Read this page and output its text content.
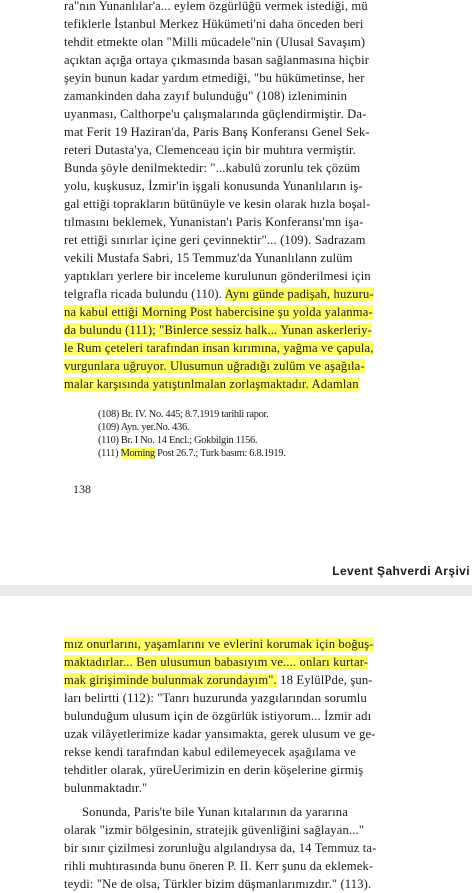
ra"nın Yunanlılar'a... eylem özgürlüğü vermek istediği, mü
tefiklerle İstanbul Merkez Hükümeti'ni daha önceden beri
tehdit etmekte olan "Milli mücadele"nin (Ulusal Savaşım)
açıktan açığa ortaya çıkmasında basan sağlanmasına hiçbir
şeyin bunun kadar yardım etmediği, "bu hükümetinse, her
zamankinden daha zayıf bulunduğu" (108) izleniminin
uyanması, Calthorpe'u çalışmalarında güçlendirmiştir. Da-
mat Ferit 19 Haziran'da, Paris Banş Konferansı Genel Sek-
reteri Dutasta'ya, Clemenceau için bir muhtıra vermiştir.
Bunda şöyle denilmektedir: "...kabulü zorunlu tek çözüm
yolu, kuşkusuz, İzmir'in işgali konusunda Yunanlıların iş-
gal ettiği toprakların bütünüyle ve kesin olarak hızla boşal-
tılmasını beklemek, Yunanistan'ı Paris Konferansı'mn işa-
ret ettiği sınırlar içine geri çevinnektir"... (109). Sadrazam
vekili Mustafa Sabri, 15 Temmuz'da Yunanlılann zulüm
yaptıkları yerlere bir inceleme kurulunun gönderilmesi için
telgrafla ricada bulundu (110). Aynı günde padişah, huzuru-
na kabul ettiği Morning Post habercisine şu yolda yalanma-
da bulundu (111); "Binlerce sessiz halk... Yunan askerleriy-
le Rum çeteleri tarafından insan kırımına, yağma ve çapula,
vurgunlara uğruyor. Ulusumun uğradığı zulüm ve aşağıla-
malar karşısında yatıştınlmalan zorlaşmaktadır. Adamlan
(108) Br. IV. No. 445; 8.7.1919 tarihli rapor.
(109) Ayn. yer.No. 436.
(110) Br. I No. 14 Encl.; Gokbilgin 1156.
(111) Morning Post 26.7.; Turk basım: 6.8.1919.
138
Levent Şahverdi Arşivi
mız onurlarını, yaşamlarını ve evlerini korumak için boğuş-
maktadırlar... Ben ulusumun babasıyım ve.... onları kurtar-
mak girişiminde bulunmak zorundayım". 18 EylülPde, şun-
ları belirtti (112): "Tanrı huzurunda yazgılarından sorumlu
bulunduğum ulusum için de özgürlük istiyorum... İzmir adı
uzak vilâyetlerimize kadar yansımakta, gerek ulusum ve ge-
rekse kendi tarafından kabul edilemeyecek aşağılama ve
tehditler olarak, yüreUerimizin en derin köşelerine girmiş
bulunmaktadır."
Sonunda, Paris'te bile Yunan kıtalarının da yararına
olarak "izmir bölgesinin, stratejik güvenliğini sağlayan..."
bir sınır çizilmesi zorunluğu algılandıysa da, 14 Temmuz ta-
rihli muhtırasında bunu öneren P. II. Kerr şunu da eklemek-
teydi: "Ne de olsa, Türkler bizim düşmanlarımızdır." (113).
